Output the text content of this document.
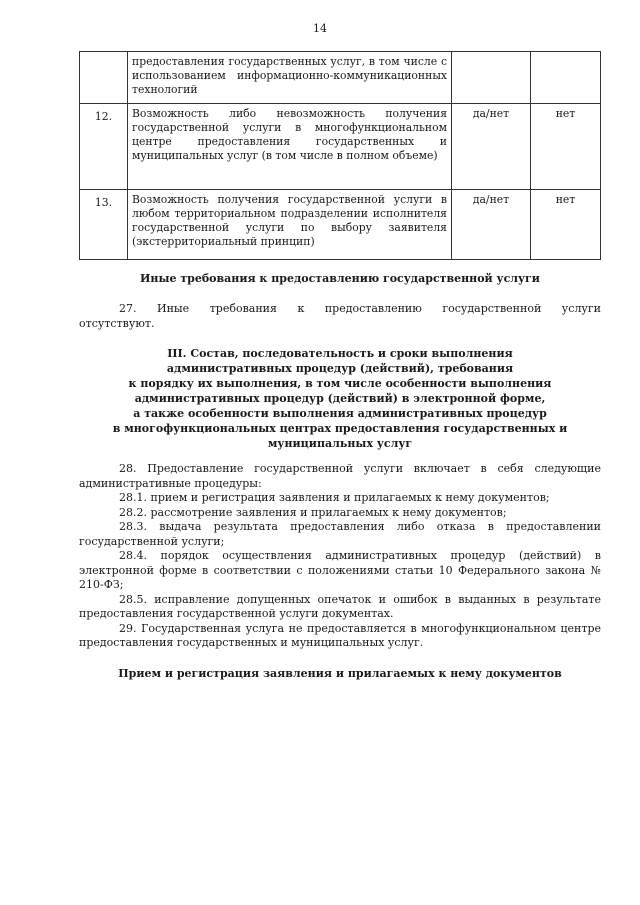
14
	предоставления государственных услуг, в том числе с использованием информационно-коммуникационных технологий		
12.	Возможность либо невозможность получения государственной услуги в многофункциональном центре предоставления государственных и муниципальных услуг (в том числе в полном объеме)	да/нет	нет
13.	Возможность получения государственной услуги в любом территориальном подразделении исполнителя государственной услуги по выбору заявителя (экстерриториальный принцип)	да/нет	нет
Иные требования к предоставлению государственной услуги
27. Иные требования к предоставлению государственной услуги
отсутствуют.
III. Состав, последовательность и сроки выполнения
административных процедур (действий), требования
к порядку их выполнения, в том числе особенности выполнения
административных процедур (действий) в электронной форме,
а также особенности выполнения административных процедур
в многофункциональных центрах предоставления государственных и
муниципальных услуг

28. Предоставление государственной услуги включает в себя следующие административные процедуры:

28.1. прием и регистрация заявления и прилагаемых к нему документов;

28.2. рассмотрение заявления и прилагаемых к нему документов;

28.3. выдача результата предоставления либо отказа в предоставлении государственной услуги;

28.4. порядок осуществления административных процедур (действий) в электронной форме в соответствии с положениями статьи 10 Федерального закона № 210-ФЗ;

28.5. исправление допущенных опечаток и ошибок в выданных в результате предоставления государственной услуги документах.

29. Государственная услуга не предоставляется в многофункциональном центре предоставления государственных и муниципальных услуг.

Прием и регистрация заявления и прилагаемых к нему документов
